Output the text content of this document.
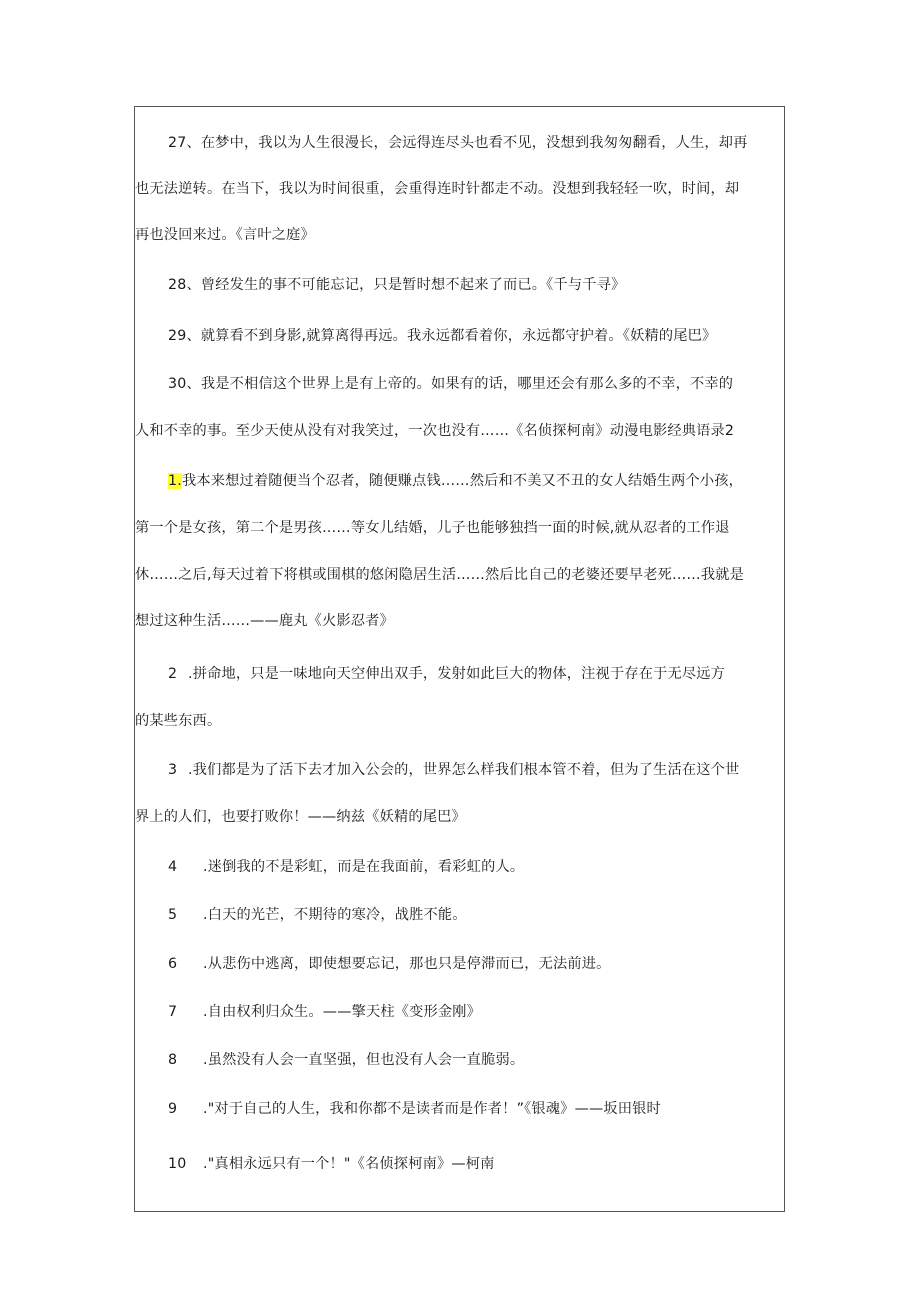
27、在梦中，我以为人生很漫长，会远得连尽头也看不见，没想到我匆匆翻看，人生，却再
也无法逆转。在当下，我以为时间很重，会重得连时针都走不动。没想到我轻轻一吹，时间，却
再也没回来过。《言叶之庭》
28、曾经发生的事不可能忘记，只是暂时想不起来了而已。《千与千寻》
29、就算看不到身影,就算离得再远。我永远都看着你，永远都守护着。《妖精的尾巴》
30、我是不相信这个世界上是有上帝的。如果有的话，哪里还会有那么多的不幸，不幸的
人和不幸的事。至少天使从没有对我笑过，一次也没有……《名侦探柯南》动漫电影经典语录2
1.我本来想过着随便当个忍者，随便赚点钱……然后和不美又不丑的女人结婚生两个小孩，
第一个是女孩，第二个是男孩……等女儿结婚，儿子也能够独挡一面的时候,就从忍者的工作退
休……之后,每天过着下将棋或围棋的悠闲隐居生活……然后比自己的老婆还要早老死……我就是
想过这种生活……——鹿丸《火影忍者》
2 .拼命地，只是一味地向天空伸出双手，发射如此巨大的物体，注视于存在于无尽远方
的某些东西。
3 .我们都是为了活下去才加入公会的，世界怎么样我们根本管不着，但为了生活在这个世
界上的人们，也要打败你！——纳兹《妖精的尾巴》
4 .迷倒我的不是彩虹，而是在我面前，看彩虹的人。
5 .白天的光芒，不期待的寒冷，战胜不能。
6 .从悲伤中逃离，即使想要忘记，那也只是停滞而已，无法前进。
7 .自由权利归众生。——擎天柱《变形金刚》
8 .虽然没有人会一直坚强，但也没有人会一直脆弱。
9 ."对于自己的人生，我和你都不是读者而是作者！”《银魂》——坂田银时
10 ."真相永远只有一个！"《名侦探柯南》—柯南
